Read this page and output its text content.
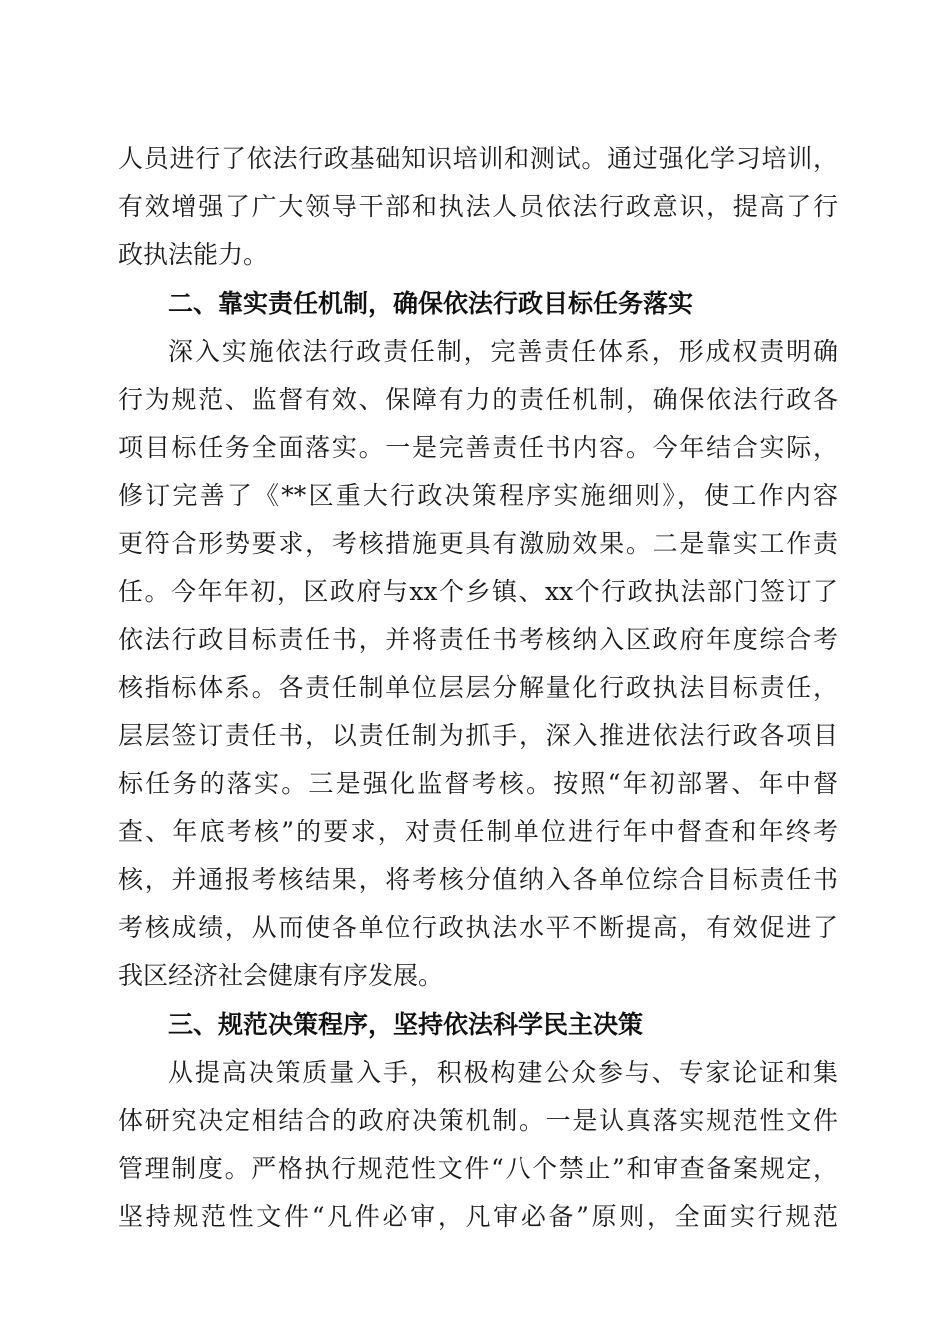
人员进行了依法行政基础知识培训和测试。通过强化学习培训，
有效增强了广大领导干部和执法人员依法行政意识，提高了行
政执法能力。
二、靠实责任机制，确保依法行政目标任务落实
深入实施依法行政责任制，完善责任体系，形成权责明确
行为规范、监督有效、保障有力的责任机制，确保依法行政各
项目标任务全面落实。一是完善责任书内容。今年结合实际，
修订完善了《**区重大行政决策程序实施细则》，使工作内容
更符合形势要求，考核措施更具有激励效果。二是靠实工作责
任。今年年初，区政府与xx个乡镇、xx个行政执法部门签订了
依法行政目标责任书，并将责任书考核纳入区政府年度综合考
核指标体系。各责任制单位层层分解量化行政执法目标责任，
层层签订责任书，以责任制为抓手，深入推进依法行政各项目
标任务的落实。三是强化监督考核。按照“年初部署、年中督
查、年底考核”的要求，对责任制单位进行年中督查和年终考
核，并通报考核结果，将考核分值纳入各单位综合目标责任书
考核成绩，从而使各单位行政执法水平不断提高，有效促进了
我区经济社会健康有序发展。
三、规范决策程序，坚持依法科学民主决策
从提高决策质量入手，积极构建公众参与、专家论证和集
体研究决定相结合的政府决策机制。一是认真落实规范性文件
管理制度。严格执行规范性文件“八个禁止”和审查备案规定，
坚持规范性文件“凡件必审，凡审必备”原则，全面实行规范
